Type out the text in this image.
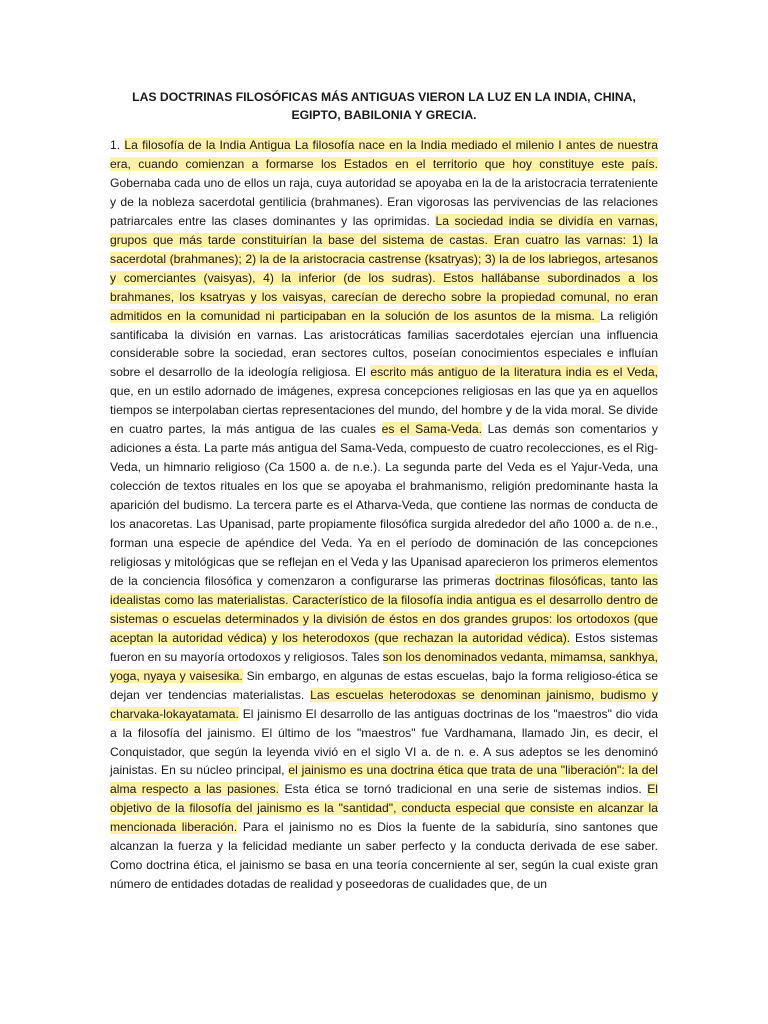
LAS DOCTRINAS FILOSÓFICAS MÁS ANTIGUAS VIERON LA LUZ EN LA INDIA, CHINA, EGIPTO, BABILONIA Y GRECIA.

1. La filosofía de la India Antigua La filosofía nace en la India mediado el milenio I antes de nuestra era, cuando comienzan a formarse los Estados en el territorio que hoy constituye este país. Gobernaba cada uno de ellos un raja, cuya autoridad se apoyaba en la de la aristocracia terrateniente y de la nobleza sacerdotal gentilicia (brahmanes). Eran vigorosas las pervivencias de las relaciones patriarcales entre las clases dominantes y las oprimidas. La sociedad india se dividía en varnas, grupos que más tarde constituirían la base del sistema de castas. Eran cuatro las varnas: 1) la sacerdotal (brahmanes); 2) la de la aristocracia castrense (ksatryas); 3) la de los labriegos, artesanos y comerciantes (vaisyas), 4) la inferior (de los sudras). Estos hallábanse subordinados a los brahmanes, los ksatryas y los vaisyas, carecían de derecho sobre la propiedad comunal, no eran admitidos en la comunidad ni participaban en la solución de los asuntos de la misma. La religión santificaba la división en varnas. Las aristocráticas familias sacerdotales ejercían una influencia considerable sobre la sociedad, eran sectores cultos, poseían conocimientos especiales e influían sobre el desarrollo de la ideología religiosa. El escrito más antiguo de la literatura india es el Veda, que, en un estilo adornado de imágenes, expresa concepciones religiosas en las que ya en aquellos tiempos se interpolaban ciertas representaciones del mundo, del hombre y de la vida moral. Se divide en cuatro partes, la más antigua de las cuales es el Sama-Veda. Las demás son comentarios y adiciones a ésta. La parte más antigua del Sama-Veda, compuesto de cuatro recolecciones, es el Rig-Veda, un himnario religioso (Ca 1500 a. de n.e.). La segunda parte del Veda es el Yajur-Veda, una colección de textos rituales en los que se apoyaba el brahmanismo, religión predominante hasta la aparición del budismo. La tercera parte es el Atharva-Veda, que contiene las normas de conducta de los anacoretas. Las Upanisad, parte propiamente filosófica surgida alrededor del año 1000 a. de n.e., forman una especie de apéndice del Veda. Ya en el período de dominación de las concepciones religiosas y mitológicas que se reflejan en el Veda y las Upanisad aparecieron los primeros elementos de la conciencia filosófica y comenzaron a configurarse las primeras doctrinas filosóficas, tanto las idealistas como las materialistas. Característico de la filosofía india antigua es el desarrollo dentro de sistemas o escuelas determinados y la división de éstos en dos grandes grupos: los ortodoxos (que aceptan la autoridad védica) y los heterodoxos (que rechazan la autoridad védica). Estos sistemas fueron en su mayoría ortodoxos y religiosos. Tales son los denominados vedanta, mimamsa, sankhya, yoga, nyaya y vaisesika. Sin embargo, en algunas de estas escuelas, bajo la forma religioso-ética se dejan ver tendencias materialistas. Las escuelas heterodoxas se denominan jainismo, budismo y charvaka-lokayatamata. El jainismo El desarrollo de las antiguas doctrinas de los "maestros" dio vida a la filosofía del jainismo. El último de los "maestros" fue Vardhamana, llamado Jin, es decir, el Conquistador, que según la leyenda vivió en el siglo VI a. de n. e. A sus adeptos se les denominó jainistas. En su núcleo principal, el jainismo es una doctrina ética que trata de una "liberación": la del alma respecto a las pasiones. Esta ética se tornó tradicional en una serie de sistemas indios. El objetivo de la filosofía del jainismo es la "santidad", conducta especial que consiste en alcanzar la mencionada liberación. Para el jainismo no es Dios la fuente de la sabiduría, sino santones que alcanzan la fuerza y la felicidad mediante un saber perfecto y la conducta derivada de ese saber. Como doctrina ética, el jainismo se basa en una teoría concerniente al ser, según la cual existe gran número de entidades dotadas de realidad y poseedoras de cualidades que, de un
